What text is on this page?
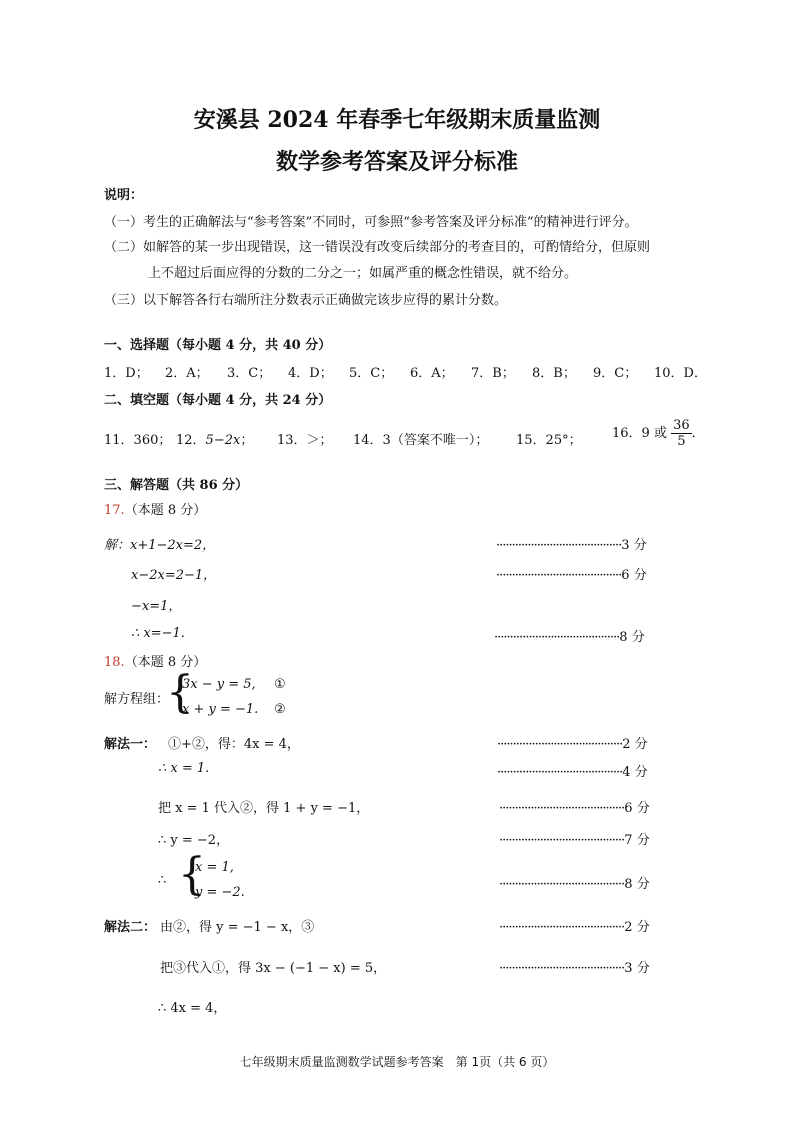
安溪县 2024 年春季七年级期末质量监测
数学参考答案及评分标准
说明：
（一）考生的正确解法与“参考答案”不同时，可参照“参考答案及评分标准”的精神进行评分。
（二）如解答的某一步出现错误，这一错误没有改变后续部分的考查目的，可酌情给分，但原则
上不超过后面应得的分数的二分之一；如属严重的概念性错误，就不给分。
（三）以下解答各行右端所注分数表示正确做完该步应得的累计分数。
一、选择题（每小题 4 分，共 40 分）
1．D； 2．A； 3．C； 4．D； 5．C； 6．A； 7．B； 8．B； 9．C； 10．D．
二、填空题（每小题 4 分，共 24 分）
11．360； 12．5−2x； 13．＞； 14．3（答案不唯一）； 15．25°； 16．9 或 $\frac{36}{5}$ ．
三、解答题（共 86 分）
17.（本题 8 分）
解：x+1−2x=2，	········································3 分
x−2x=2−1，	········································6 分
−x=1，
∴ x=−1.	········································8 分
18.（本题 8 分）
解方程组：
{
3x − y = 5, ①
x + y = −1. ②
解法一： ①+②，得：4x = 4，	········································2 分
∴ x = 1.	········································4 分
把 x = 1 代入②，得 1 + y = −1，	········································6 分
∴ y = −2，	········································7 分
∴ {
x = 1,
y = −2.
········································8 分
解法二： 由②，得 y = −1 − x，③	········································2 分
把③代入①，得 3x − (−1 − x) = 5，	········································3 分
∴ 4x = 4，
七年级期末质量监测数学试题参考答案　第 1页（共 6 页）
